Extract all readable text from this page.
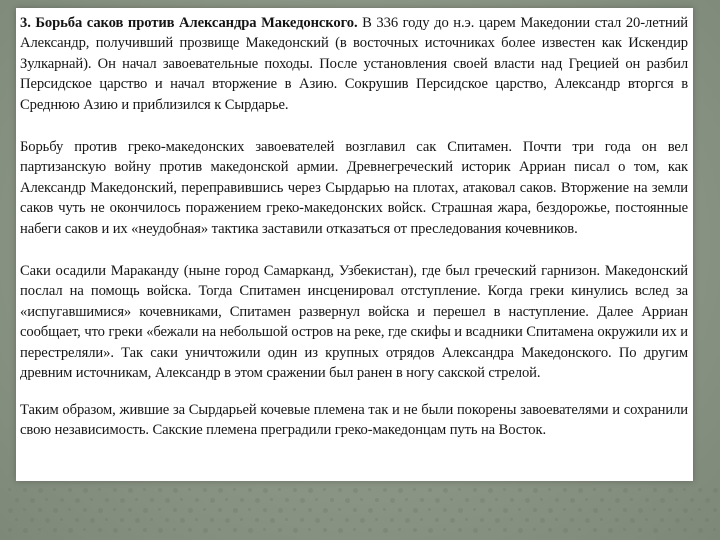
3. Борьба саков против Александра Македонского. В 336 году до н.э. царем Македонии стал 20-летний Александр, получивший прозвище Македонский (в восточных источниках более известен как Искендир Зулкарнай). Он начал завоевательные походы. После установления своей власти над Грецией он разбил Персидское царство и начал вторжение в Азию. Сокрушив Персидское царство, Александр вторгся в Среднюю Азию и приблизился к Сырдарье.

Борьбу против греко-македонских завоевателей возглавил сак Спитамен. Почти три года он вел партизанскую войну против македонской армии. Древнегреческий историк Арриан писал о том, как Александр Македонский, переправившись через Сырдарью на плотах, атаковал саков. Вторжение на земли саков чуть не окончилось поражением греко-македонских войск. Страшная жара, бездорожье, постоянные набеги саков и их «неудобная» тактика заставили отказаться от преследования кочевников.

Саки осадили Мараканду (ныне город Самарканд, Узбекистан), где был греческий гарнизон. Македонский послал на помощь войска. Тогда Спитамен инсценировал отступление. Когда греки кинулись вслед за «испугавшимися» кочевниками, Спитамен развернул войска и перешел в наступление. Далее Арриан сообщает, что греки «бежали на небольшой остров на реке, где скифы и всадники Спитамена окружили их и перестреляли». Так саки уничтожили один из крупных отрядов Александра Македонского. По другим древним источникам, Александр в этом сражении был ранен в ногу сакской стрелой.

Таким образом, жившие за Сырдарьей кочевые племена так и не были покорены завоевателями и сохранили свою независимость. Сакские племена преградили греко-македонцам путь на Восток.
